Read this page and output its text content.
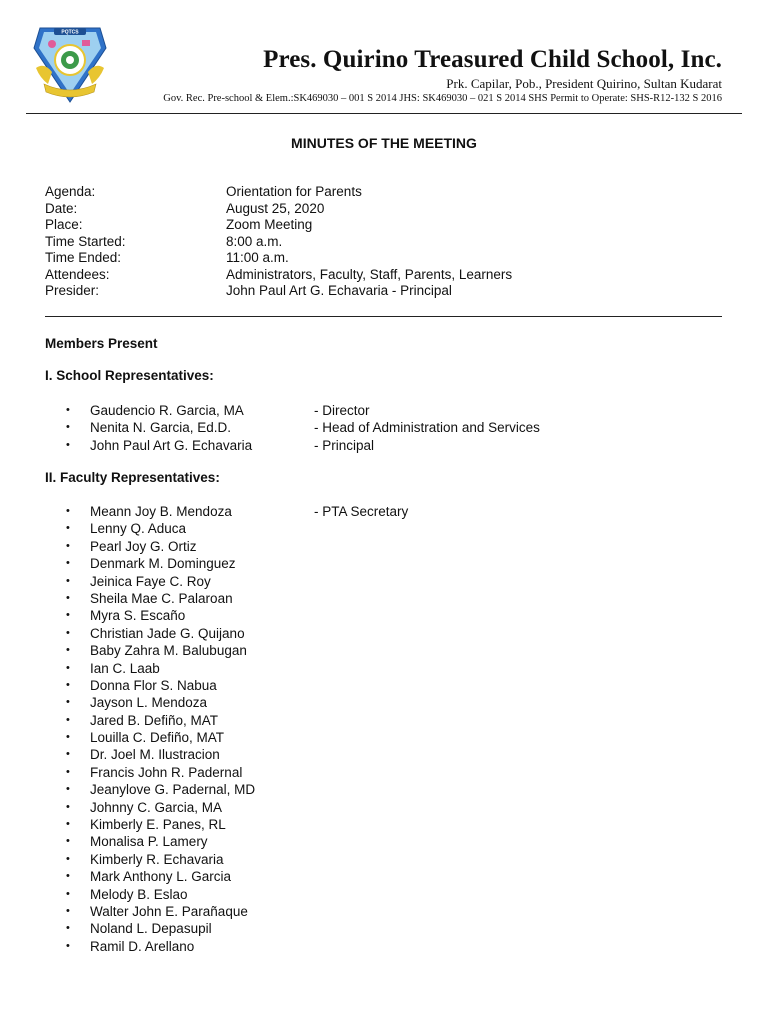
PQTCS
Pres. Quirino Treasured Child School, Inc.
Prk. Capilar, Pob., President Quirino, Sultan Kudarat
Gov. Rec. Pre-school & Elem.:SK469030 – 001 S 2014 JHS: SK469030 – 021 S 2014 SHS Permit to Operate: SHS-R12-132 S 2016
MINUTES OF THE MEETING
Agenda:	Orientation for Parents
Date:	August 25, 2020
Place:	Zoom Meeting
Time Started:	8:00 a.m.
Time Ended:	11:00 a.m.
Attendees:	Administrators, Faculty, Staff, Parents, Learners
Presider:	John Paul Art G. Echavaria - Principal
Members Present
I. School Representatives:
•	Gaudencio R. Garcia, MA	- Director
•	Nenita N. Garcia, Ed.D.	- Head of Administration and Services
•	John Paul Art G. Echavaria	- Principal
II. Faculty Representatives:
•	Meann Joy B. Mendoza	- PTA Secretary
•	Lenny Q. Aduca
•	Pearl Joy G. Ortiz
•	Denmark M. Dominguez
•	Jeinica Faye C. Roy
•	Sheila Mae C. Palaroan
•	Myra S. Escaño
•	Christian Jade G. Quijano
•	Baby Zahra M. Balubugan
•	Ian C. Laab
•	Donna Flor S. Nabua
•	Jayson L. Mendoza
•	Jared B. Defiño, MAT
•	Louilla C. Defiño, MAT
•	Dr. Joel M. Ilustracion
•	Francis John R. Padernal
•	Jeanylove G. Padernal, MD
•	Johnny C. Garcia, MA
•	Kimberly E. Panes, RL
•	Monalisa P. Lamery
•	Kimberly R. Echavaria
•	Mark Anthony L. Garcia
•	Melody B. Eslao
•	Walter John E. Parañaque
•	Noland L. Depasupil
•	Ramil D. Arellano
